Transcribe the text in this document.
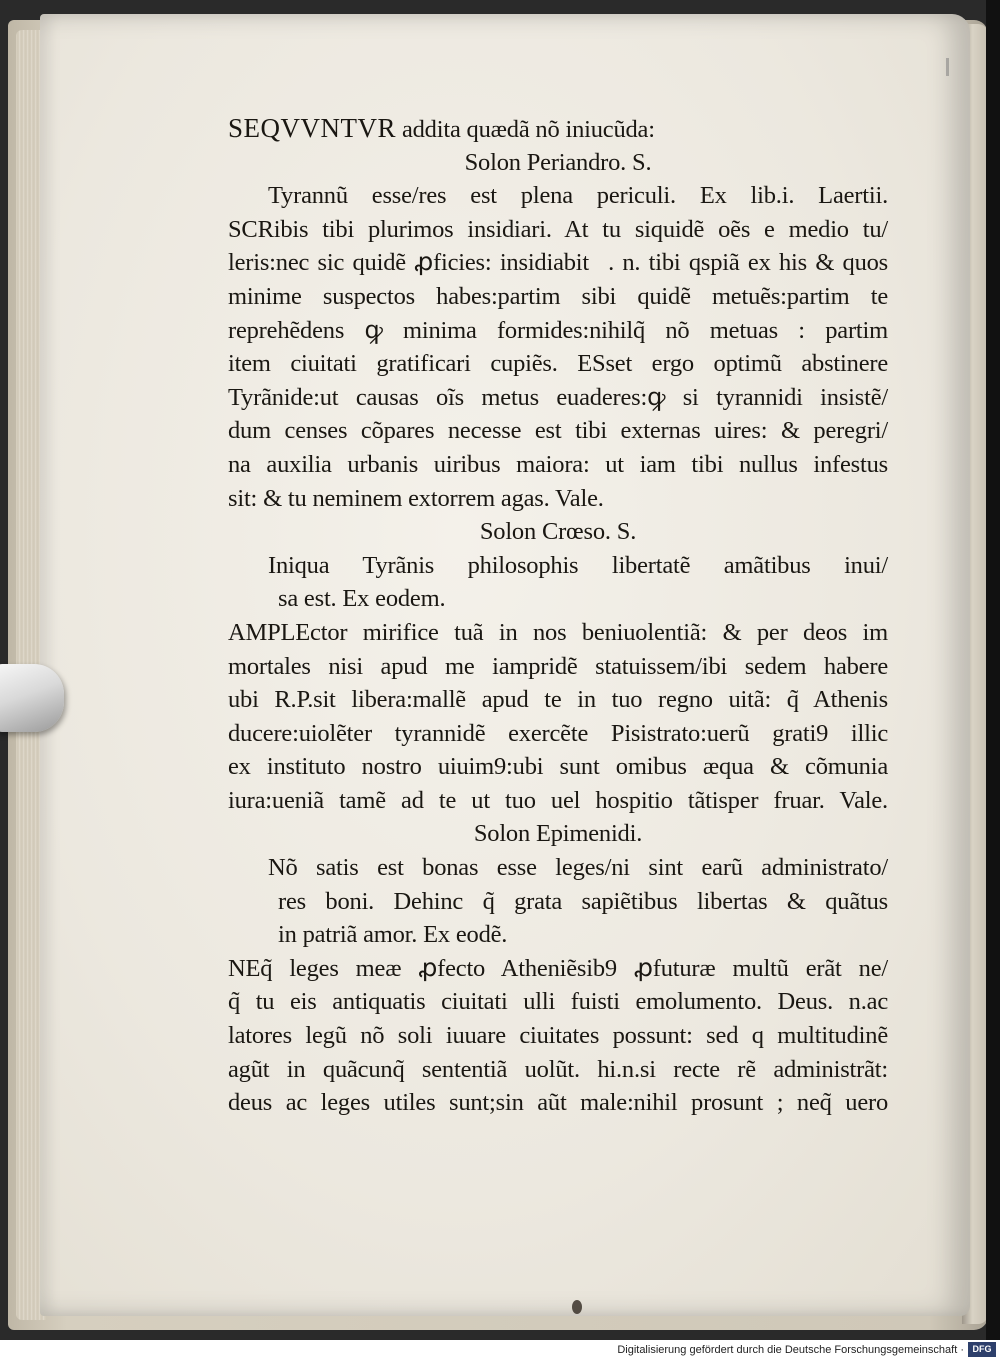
SEQVVNTVR addita quædã nõ iniucũda:
Solon Periandro. S.
Tyrannũ esse/res est plena periculi. Ex lib.i. Laertii.
SCRibis tibi plurimos insidiari. At tu siquidẽ oẽs e medio tu/
leris:nec sic quidẽ ꝓficies: insidiabit᷑. n. tibi qspiã ex his & quos
minime suspectos habes:partim sibi quidẽ metuẽs:partim te
reprehẽdens ꝙ minima formides:nihilq̃ nõ metuas : partim
item ciuitati gratificari cupiẽs. ESset ergo optimũ abstinere
Tyrãnide:ut causas oĩs metus euaderes:ꝙ si tyrannidi insistẽ/
dum censes cõpares necesse est tibi externas uires: & peregri/
na auxilia urbanis uiribus maiora: ut iam tibi nullus infestus
sit: & tu neminem extorrem agas. Vale.
Solon Crœso. S.
Iniqua Tyrãnis philosophis libertatẽ amãtibus inui/
sa est. Ex eodem.
AMPLEctor mirifice tuã in nos beniuolentiã: & per deos im
mortales nisi apud me iampridẽ statuissem/ibi sedem habere
ubi R.P.sit libera:mallẽ apud te in tuo regno uitã: q̃ Athenis
ducere:uiolẽter tyrannidẽ exercẽte Pisistrato:uerũ grati9 illic
ex instituto nostro uiuim9:ubi sunt omibus æqua & cõmunia
iura:ueniã tamẽ ad te ut tuo uel hospitio tãtisper fruar. Vale.
Solon Epimenidi.
Nõ satis est bonas esse leges/ni sint earũ administrato/
res boni. Dehinc q̃ grata sapiẽtibus libertas & quãtus
in patriã amor. Ex eodẽ.
NEq̃ leges meæ ꝓfecto Atheniẽsib9 ꝓfuturæ multũ erãt ne/
q̃ tu eis antiquatis ciuitati ulli fuisti emolumento. Deus. n.ac
latores legũ nõ soli iuuare ciuitates possunt: sed q multitudinẽ
agũt in quãcunq̃ sententiã uolũt. hi.n.si recte rẽ administrãt:
deus ac leges utiles sunt;sin aũt male:nihil prosunt ; neq̃ uero
Digitalisierung gefördert durch die Deutsche Forschungsgemeinschaft · DFG
